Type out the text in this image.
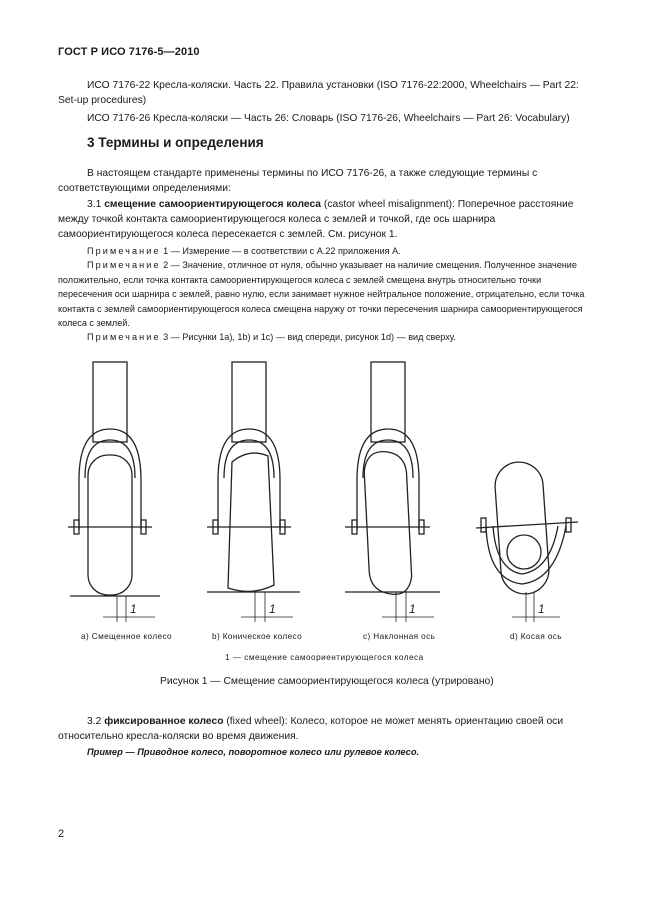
ГОСТ Р ИСО 7176-5—2010

ИСО 7176-22 Кресла-коляски. Часть 22. Правила установки (ISO 7176-22:2000, Wheelchairs — Part 22: Set-up procedures)

ИСО 7176-26 Кресла-коляски — Часть 26: Словарь (ISO 7176-26, Wheelchairs — Part 26: Vocabulary)

3 Термины и определения

В настоящем стандарте применены термины по ИСО 7176-26, а также следующие термины с соответствующими определениями:

3.1 смещение самоориентирующегося колеса (castor wheel misalignment): Поперечное расстояние между точкой контакта самоориентирующегося колеса с землей и точкой, где ось шарнира самоориентирующегося колеса пересекается с землей. См. рисунок 1.

Примечание 1 — Измерение — в соответствии с А.22 приложения А.

Примечание 2 — Значение, отличное от нуля, обычно указывает на наличие смещения. Полученное значение положительно, если точка контакта самоориентирующегося колеса с землей смещена внутрь относительно точки пересечения оси шарнира с землей, равно нулю, если занимает нужное нейтральное положение, отрицательно, если точка контакта с землей самоориентирующегося колеса смещена наружу от точки пересечения шарнира самоориентирующегося колеса с землей.

Примечание 3 — Рисунки 1а), 1b) и 1с) — вид спереди, рисунок 1d) — вид сверху.

1	1	1	1
а) Смещенное колесо	b) Коническое колесо	с) Наклонная ось	d) Косая ось
1 — смещение самоориентирующегося колеса
Рисунок 1 — Смещение самоориентирующегося колеса (утрировано)

3.2 фиксированное колесо (fixed wheel): Колесо, которое не может менять ориентацию своей оси относительно кресла-коляски во время движения.

Пример — Приводное колесо, поворотное колесо или рулевое колесо.
2
